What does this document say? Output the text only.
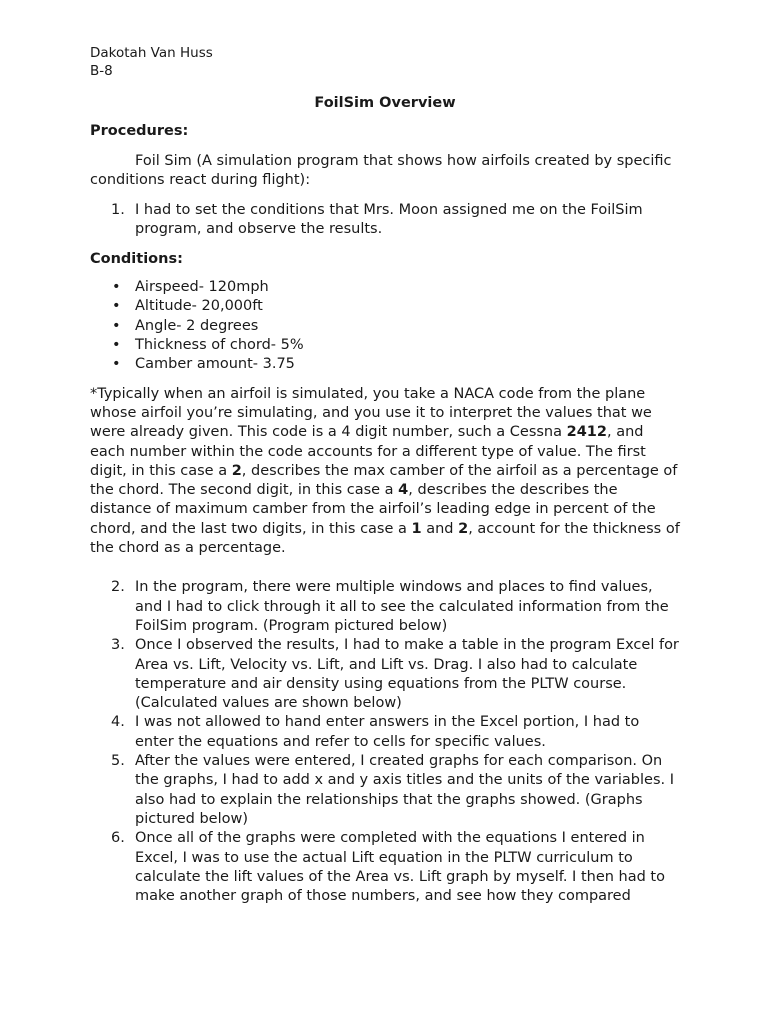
Dakotah Van Huss

B-8

FoilSim Overview

Procedures:

Foil Sim (A simulation program that shows how airfoils created by specific conditions react during flight):

1. I had to set the conditions that Mrs. Moon assigned me on the FoilSim program, and observe the results.

Conditions:

• Airspeed- 120mph
• Altitude- 20,000ft
• Angle- 2 degrees
• Thickness of chord- 5%
• Camber amount- 3.75

*Typically when an airfoil is simulated, you take a NACA code from the plane whose airfoil you’re simulating, and you use it to interpret the values that we were already given. This code is a 4 digit number, such a Cessna 2412, and each number within the code accounts for a different type of value. The first digit, in this case a 2, describes the max camber of the airfoil as a percentage of the chord. The second digit, in this case a 4, describes the describes the distance of maximum camber from the airfoil’s leading edge in percent of the chord, and the last two digits, in this case a 1 and 2, account for the thickness of the chord as a percentage.

2. In the program, there were multiple windows and places to find values, and I had to click through it all to see the calculated information from the FoilSim program. (Program pictured below)
3. Once I observed the results, I had to make a table in the program Excel for Area vs. Lift, Velocity vs. Lift, and Lift vs. Drag. I also had to calculate temperature and air density using equations from the PLTW course. (Calculated values are shown below)
4. I was not allowed to hand enter answers in the Excel portion, I had to enter the equations and refer to cells for specific values.
5. After the values were entered, I created graphs for each comparison. On the graphs, I had to add x and y axis titles and the units of the variables. I also had to explain the relationships that the graphs showed. (Graphs pictured below)
6. Once all of the graphs were completed with the equations I entered in Excel, I was to use the actual Lift equation in the PLTW curriculum to calculate the lift values of the Area vs. Lift graph by myself. I then had to make another graph of those numbers, and see how they compared
